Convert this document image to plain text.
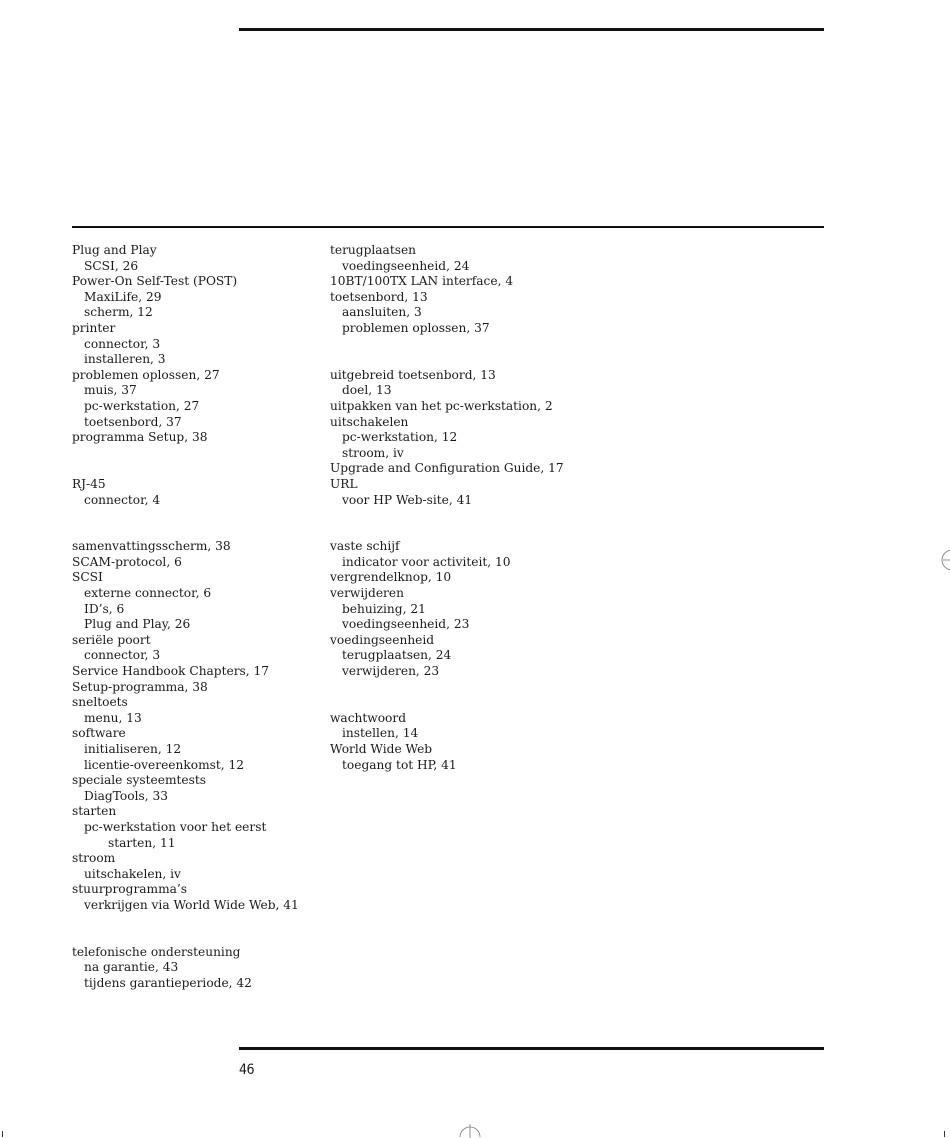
Plug and Play
SCSI, 26
Power-On Self-Test (POST)
MaxiLife, 29
scherm, 12
printer
connector, 3
installeren, 3
problemen oplossen, 27
muis, 37
pc-werkstation, 27
toetsenbord, 37
programma Setup, 38
RJ-45
connector, 4
samenvattingsscherm, 38
SCAM-protocol, 6
SCSI
externe connector, 6
ID’s, 6
Plug and Play, 26
seriële poort
connector, 3
Service Handbook Chapters, 17
Setup-programma, 38
sneltoets
menu, 13
software
initialiseren, 12
licentie-overeenkomst, 12
speciale systeemtests
DiagTools, 33
starten
pc-werkstation voor het eerst
starten, 11
stroom
uitschakelen, iv
stuurprogramma’s
verkrijgen via World Wide Web, 41
telefonische ondersteuning
na garantie, 43
tijdens garantieperiode, 42
terugplaatsen
voedingseenheid, 24
10BT/100TX LAN interface, 4
toetsenbord, 13
aansluiten, 3
problemen oplossen, 37
uitgebreid toetsenbord, 13
doel, 13
uitpakken van het pc-werkstation, 2
uitschakelen
pc-werkstation, 12
stroom, iv
Upgrade and Configuration Guide, 17
URL
voor HP Web-site, 41
vaste schijf
indicator voor activiteit, 10
vergrendelknop, 10
verwijderen
behuizing, 21
voedingseenheid, 23
voedingseenheid
terugplaatsen, 24
verwijderen, 23
wachtwoord
instellen, 14
World Wide Web
toegang tot HP, 41
46
